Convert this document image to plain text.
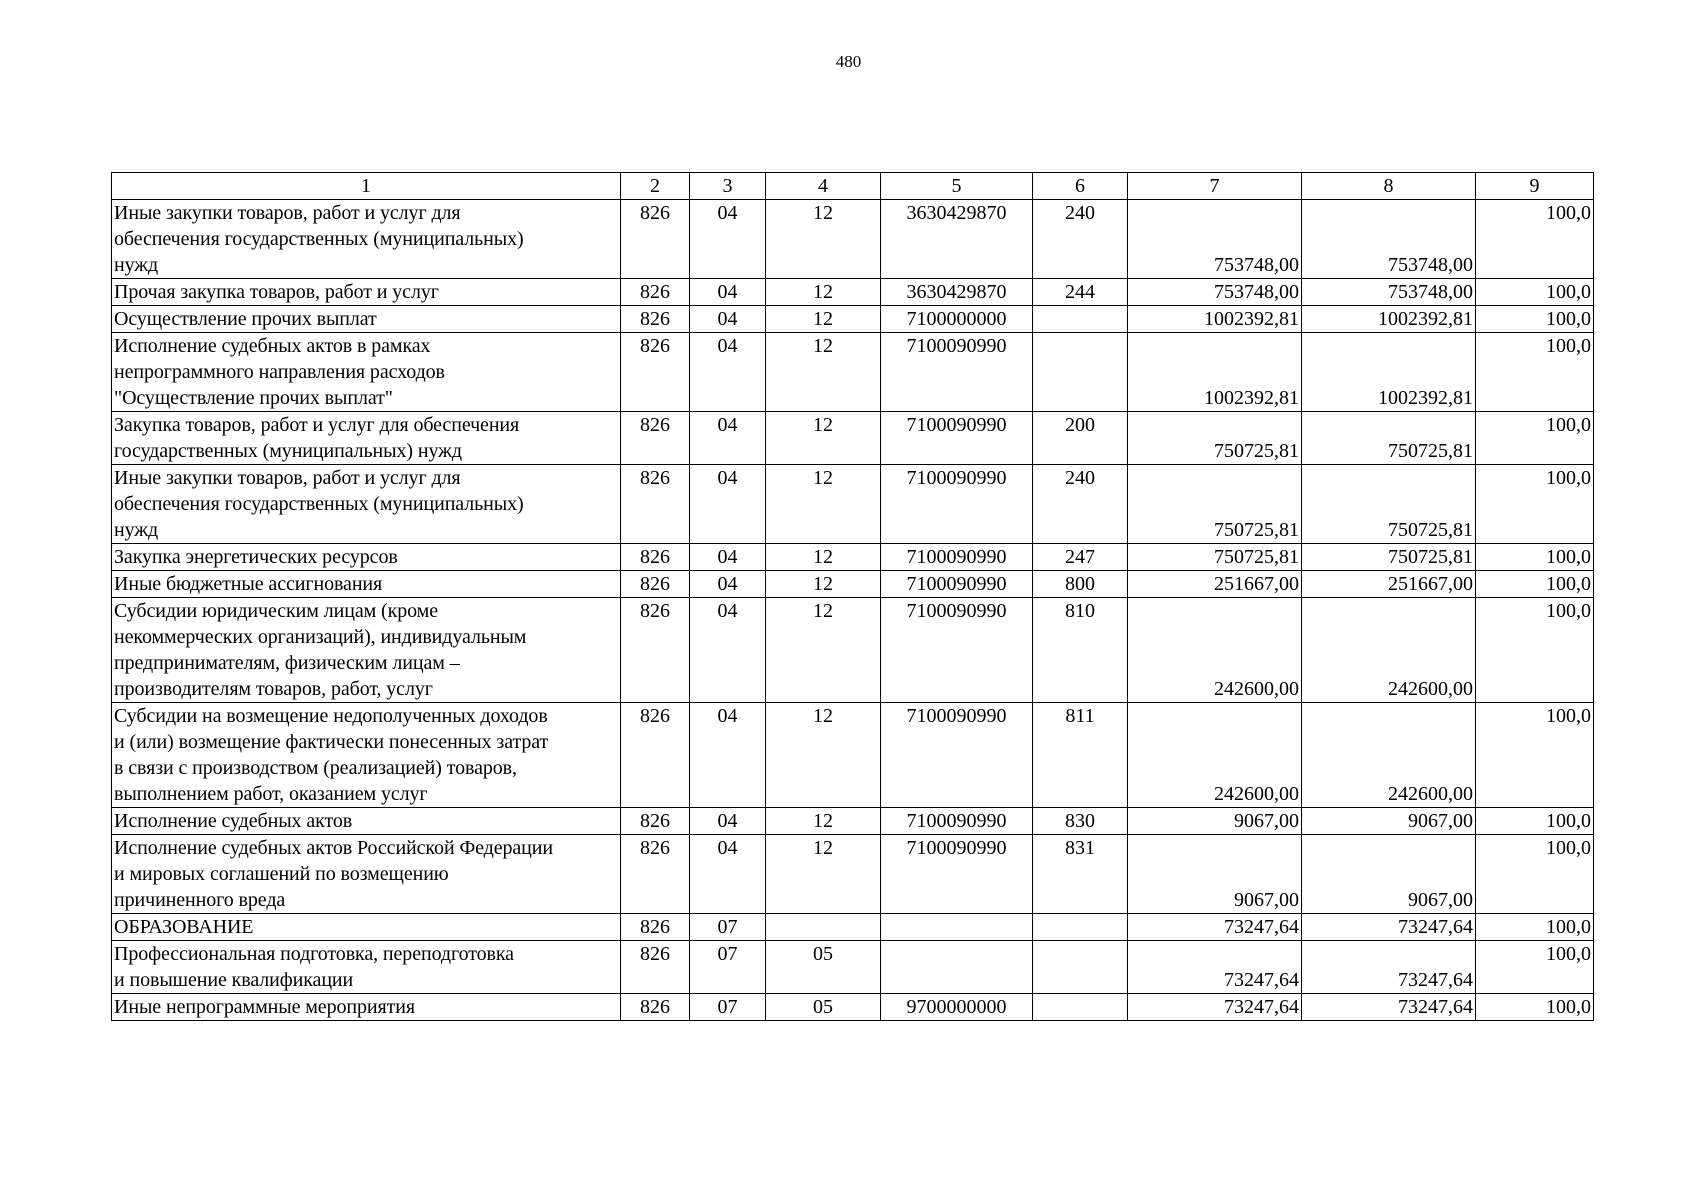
480
1	2	3	4	5	6	7	8	9

Иные закупки товаров, работ и услуг для
обеспечения государственных (муниципальных)
нужд	826	04	12	3630429870	240	753748,00	753748,00	100,0

Прочая закупка товаров, работ и услуг	826	04	12	3630429870	244	753748,00	753748,00	100,0

Осуществление прочих выплат	826	04	12	7100000000		1002392,81	1002392,81	100,0

Исполнение судебных актов в рамках
непрограммного направления расходов
"Осуществление прочих выплат"	826	04	12	7100090990		1002392,81	1002392,81	100,0

Закупка товаров, работ и услуг для обеспечения
государственных (муниципальных) нужд	826	04	12	7100090990	200	750725,81	750725,81	100,0

Иные закупки товаров, работ и услуг для
обеспечения государственных (муниципальных)
нужд	826	04	12	7100090990	240	750725,81	750725,81	100,0

Закупка энергетических ресурсов	826	04	12	7100090990	247	750725,81	750725,81	100,0

Иные бюджетные ассигнования	826	04	12	7100090990	800	251667,00	251667,00	100,0

Субсидии юридическим лицам (кроме
некоммерческих организаций), индивидуальным
предпринимателям, физическим лицам –
производителям товаров, работ, услуг	826	04	12	7100090990	810	242600,00	242600,00	100,0

Субсидии на возмещение недополученных доходов
и (или) возмещение фактически понесенных затрат
в связи с производством (реализацией) товаров,
выполнением работ, оказанием услуг	826	04	12	7100090990	811	242600,00	242600,00	100,0

Исполнение судебных актов	826	04	12	7100090990	830	9067,00	9067,00	100,0

Исполнение судебных актов Российской Федерации
и мировых соглашений по возмещению
причиненного вреда	826	04	12	7100090990	831	9067,00	9067,00	100,0

ОБРАЗОВАНИЕ	826	07				73247,64	73247,64	100,0

Профессиональная подготовка, переподготовка
и повышение квалификации	826	07	05			73247,64	73247,64	100,0

Иные непрограммные мероприятия	826	07	05	9700000000		73247,64	73247,64	100,0
